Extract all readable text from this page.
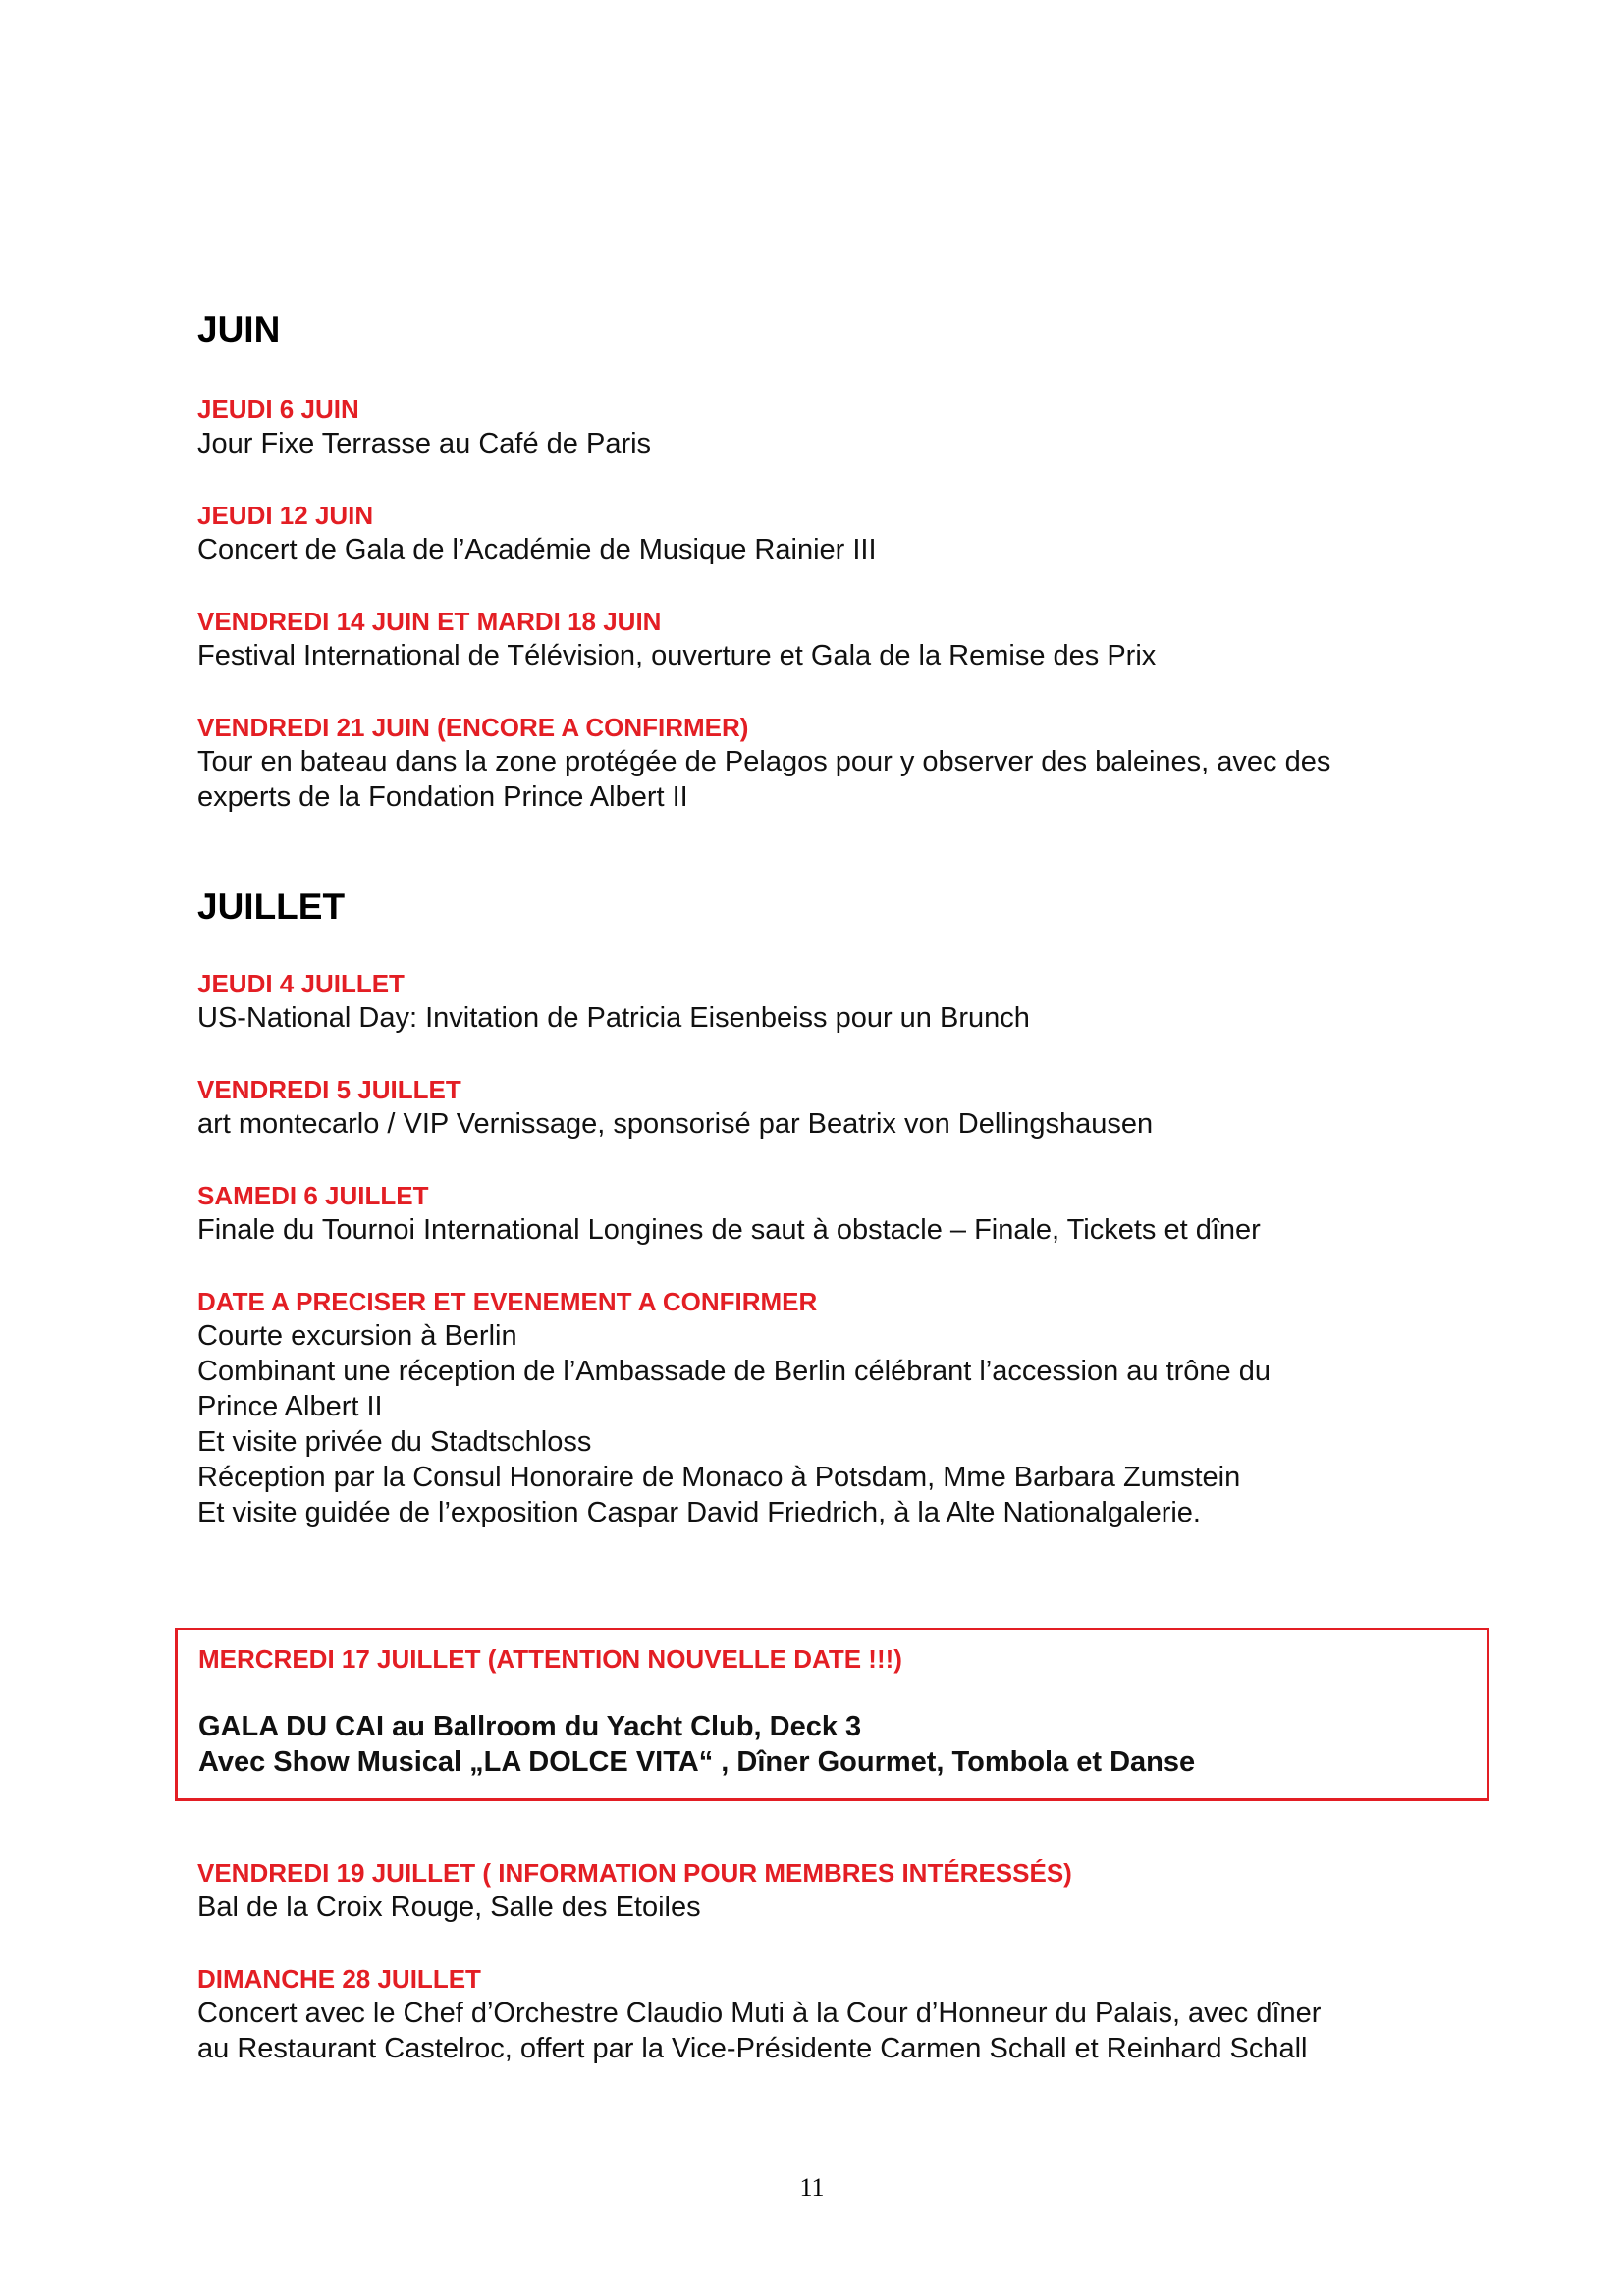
JUIN

JEUDI 6 JUIN

Jour Fixe Terrasse au Café de Paris

JEUDI 12 JUIN

Concert de Gala de l’Académie de Musique Rainier III

VENDREDI 14 JUIN ET MARDI 18 JUIN

Festival International de Télévision, ouverture et Gala de la Remise des Prix

VENDREDI 21 JUIN (ENCORE A CONFIRMER)

Tour en bateau dans la zone protégée de Pelagos pour y observer des baleines, avec des

experts de la Fondation Prince Albert II

JUILLET

JEUDI 4 JUILLET

US-National Day: Invitation de Patricia Eisenbeiss pour un Brunch

VENDREDI 5 JUILLET

art montecarlo / VIP Vernissage, sponsorisé par Beatrix von Dellingshausen

SAMEDI 6 JUILLET

Finale du Tournoi International Longines de saut à obstacle – Finale, Tickets et dîner

DATE A PRECISER ET EVENEMENT A CONFIRMER

Courte excursion à Berlin

Combinant une réception de l’Ambassade de Berlin célébrant l’accession au trône du

Prince Albert II

Et visite privée du Stadtschloss

Réception par la Consul Honoraire de Monaco à Potsdam, Mme Barbara Zumstein

Et visite guidée de l’exposition Caspar David Friedrich, à la Alte Nationalgalerie.

MERCREDI 17 JUILLET (ATTENTION NOUVELLE DATE !!!)

GALA DU CAI au Ballroom du Yacht Club, Deck 3

Avec Show Musical „LA DOLCE VITA“ , Dîner Gourmet, Tombola et Danse

VENDREDI 19 JUILLET ( INFORMATION POUR MEMBRES INTÉRESSÉS)

Bal de la Croix Rouge, Salle des Etoiles

DIMANCHE 28 JUILLET

Concert avec le Chef d’Orchestre Claudio Muti à la Cour d’Honneur du Palais, avec dîner

au Restaurant Castelroc, offert par la Vice-Présidente Carmen Schall et Reinhard Schall

11
